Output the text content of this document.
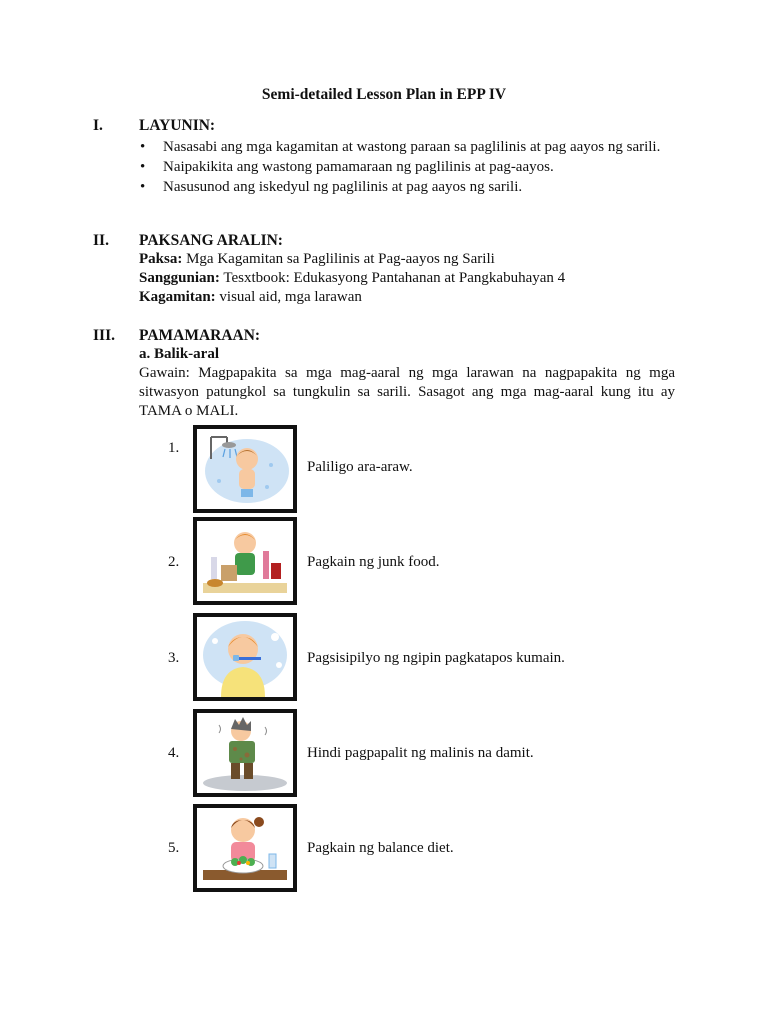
Semi-detailed Lesson Plan in EPP IV
I. LAYUNIN:
• Nasasabi ang mga kagamitan at wastong paraan sa paglilinis at pag aayos ng sarili.
• Naipakikita ang wastong pamamaraan ng paglilinis at pag-aayos.
• Nasusunod ang iskedyul ng paglilinis at pag aayos ng sarili.
II. PAKSANG ARALIN:
Paksa: Mga Kagamitan sa Paglilinis at Pag-aayos ng Sarili
Sanggunian: Tesxtbook: Edukasyong Pantahanan at Pangkabuhayan 4
Kagamitan: visual aid, mga larawan
III. PAMAMARAAN:
a. Balik-aral
Gawain: Magpapakita sa mga mag-aaral ng mga larawan na nagpapakita ng mga sitwasyon patungkol sa tungkulin sa sarili. Sasagot ang mga mag-aaral kung itu ay TAMA o MALI.
1.
Paliligo ara-araw.
2.	Pagkain ng junk food.
3.	Pagsisipilyo ng ngipin pagkatapos kumain.
4.	Hindi pagpapalit ng malinis na damit.
5.	Pagkain ng balance diet.
